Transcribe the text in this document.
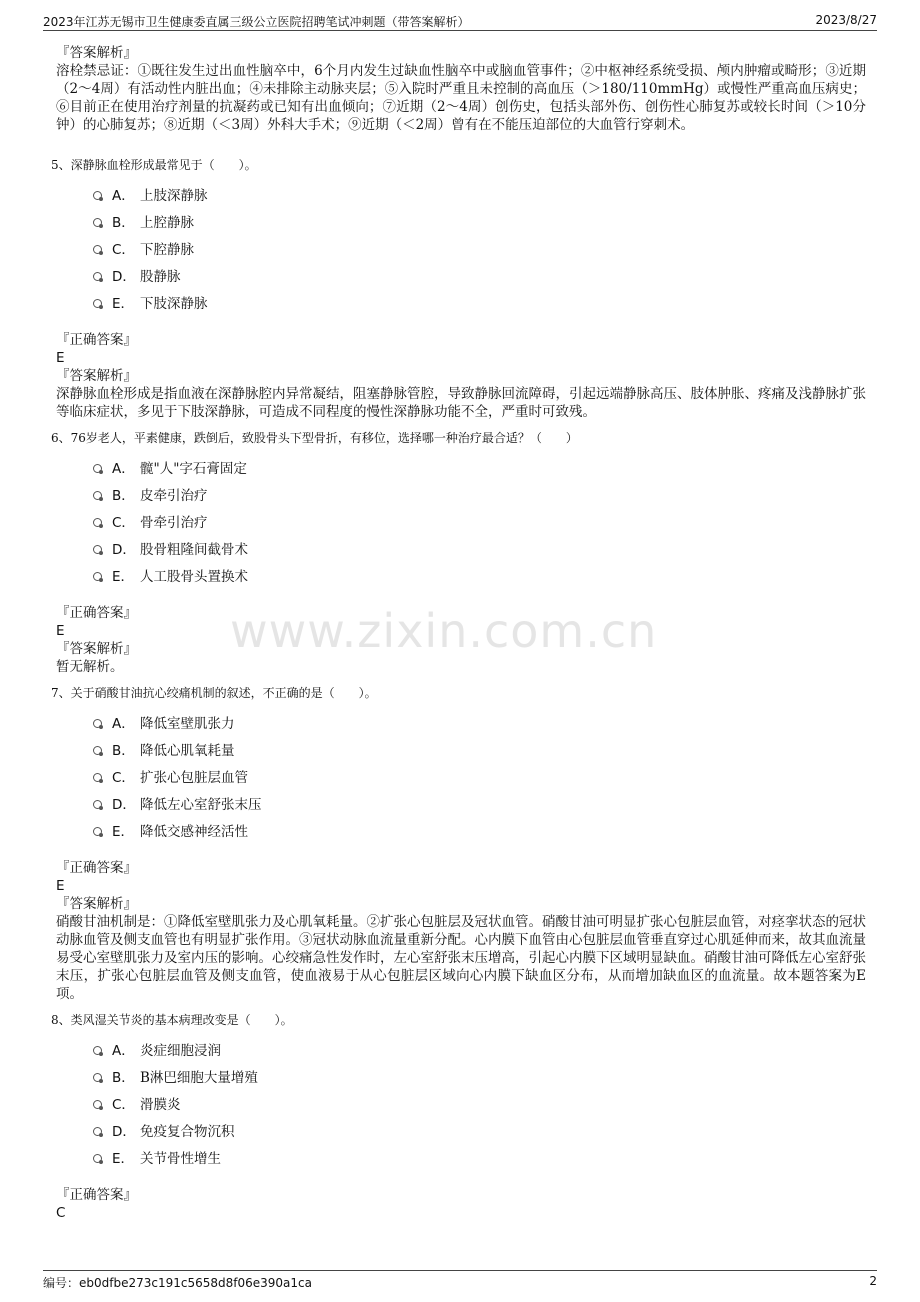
2023年江苏无锡市卫生健康委直属三级公立医院招聘笔试冲刺题（带答案解析）	2023/8/27
www.zixin.com.cn

『答案解析』

溶栓禁忌证：①既往发生过出血性脑卒中，6个月内发生过缺血性脑卒中或脑血管事件；②中枢神经系统受损、颅内肿瘤或畸形；③近期（2～4周）有活动性内脏出血；④未排除主动脉夹层；⑤入院时严重且未控制的高血压（＞180/110mmHg）或慢性严重高血压病史；⑥目前正在使用治疗剂量的抗凝药或已知有出血倾向；⑦近期（2～4周）创伤史，包括头部外伤、创伤性心肺复苏或较长时间（＞10分钟）的心肺复苏；⑧近期（＜3周）外科大手术；⑨近期（＜2周）曾有在不能压迫部位的大血管行穿刺术。

5、深静脉血栓形成最常见于（　　）。

A． 上肢深静脉
B． 上腔静脉
C． 下腔静脉
D． 股静脉
E． 下肢深静脉

『正确答案』

E

『答案解析』

深静脉血栓形成是指血液在深静脉腔内异常凝结，阻塞静脉管腔，导致静脉回流障碍，引起远端静脉高压、肢体肿胀、疼痛及浅静脉扩张等临床症状，多见于下肢深静脉，可造成不同程度的慢性深静脉功能不全，严重时可致残。

6、76岁老人，平素健康，跌倒后，致股骨头下型骨折，有移位，选择哪一种治疗最合适？（　　）

A． 髋"人"字石膏固定
B． 皮牵引治疗
C． 骨牵引治疗
D． 股骨粗隆间截骨术
E． 人工股骨头置换术

『正确答案』

E

『答案解析』

暂无解析。

7、关于硝酸甘油抗心绞痛机制的叙述，不正确的是（　　）。

A． 降低室壁肌张力
B． 降低心肌氧耗量
C． 扩张心包脏层血管
D． 降低左心室舒张末压
E． 降低交感神经活性

『正确答案』

E

『答案解析』

硝酸甘油机制是：①降低室壁肌张力及心肌氧耗量。②扩张心包脏层及冠状血管。硝酸甘油可明显扩张心包脏层血管，对痉挛状态的冠状动脉血管及侧支血管也有明显扩张作用。③冠状动脉血流量重新分配。心内膜下血管由心包脏层血管垂直穿过心肌延伸而来，故其血流量易受心室壁肌张力及室内压的影响。心绞痛急性发作时，左心室舒张末压增高，引起心内膜下区域明显缺血。硝酸甘油可降低左心室舒张末压，扩张心包脏层血管及侧支血管，使血液易于从心包脏层区域向心内膜下缺血区分布，从而增加缺血区的血流量。故本题答案为E项。

8、类风湿关节炎的基本病理改变是（　　）。

A． 炎症细胞浸润
B． B淋巴细胞大量增殖
C． 滑膜炎
D． 免疫复合物沉积
E． 关节骨性增生

『正确答案』

C

编号：eb0dfbe273c191c5658d8f06e390a1ca	2
